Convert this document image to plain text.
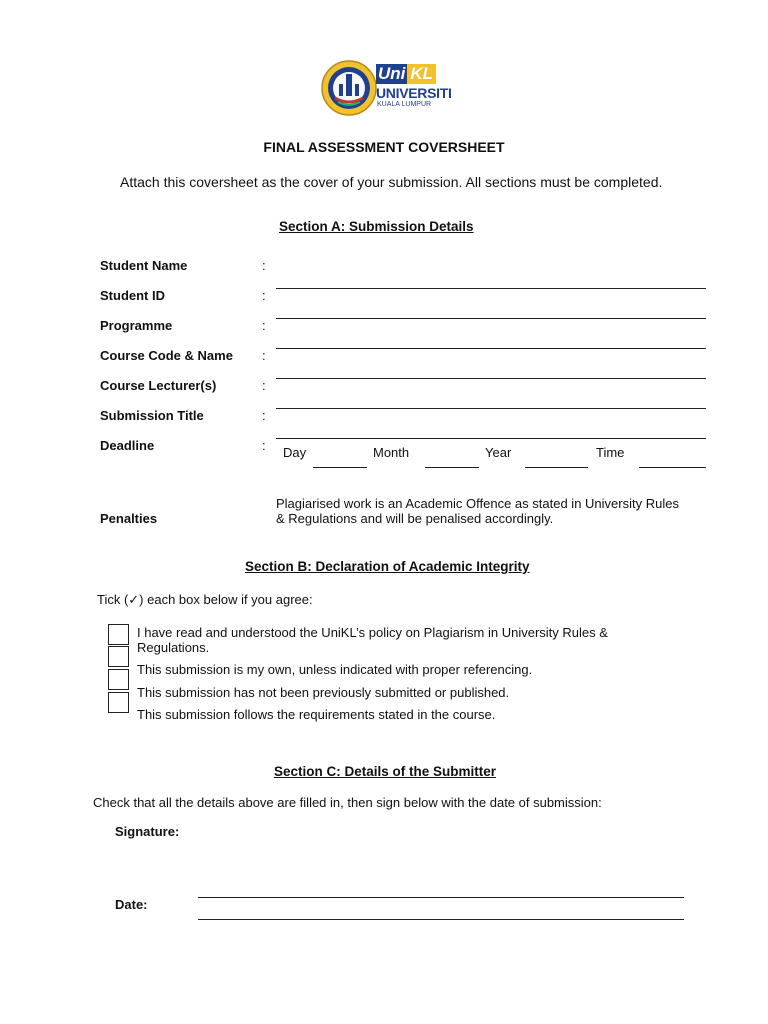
Uni KL
UNIVERSITI
KUALA LUMPUR
FINAL ASSESSMENT COVERSHEET
Attach this coversheet as the cover of your submission. All sections must be completed.
Section A: Submission Details
Student Name	:
Student ID	:
Programme	:
Course Code & Name :
Course Lecturer(s)	:
Submission Title	:
Deadline	: Day	Month	Year	Time
Penalties
Plagiarised work is an Academic Offence as stated in University Rules
& Regulations and will be penalised accordingly.
Section B: Declaration of Academic Integrity
Tick (✓) each box below if you agree:
I have read and understood the UniKL’s policy on Plagiarism in University Rules &
Regulations.
This submission is my own, unless indicated with proper referencing.
This submission has not been previously submitted or published.
This submission follows the requirements stated in the course.
Section C: Details of the Submitter
Check that all the details above are filled in, then sign below with the date of submission:
Signature:
Date:
